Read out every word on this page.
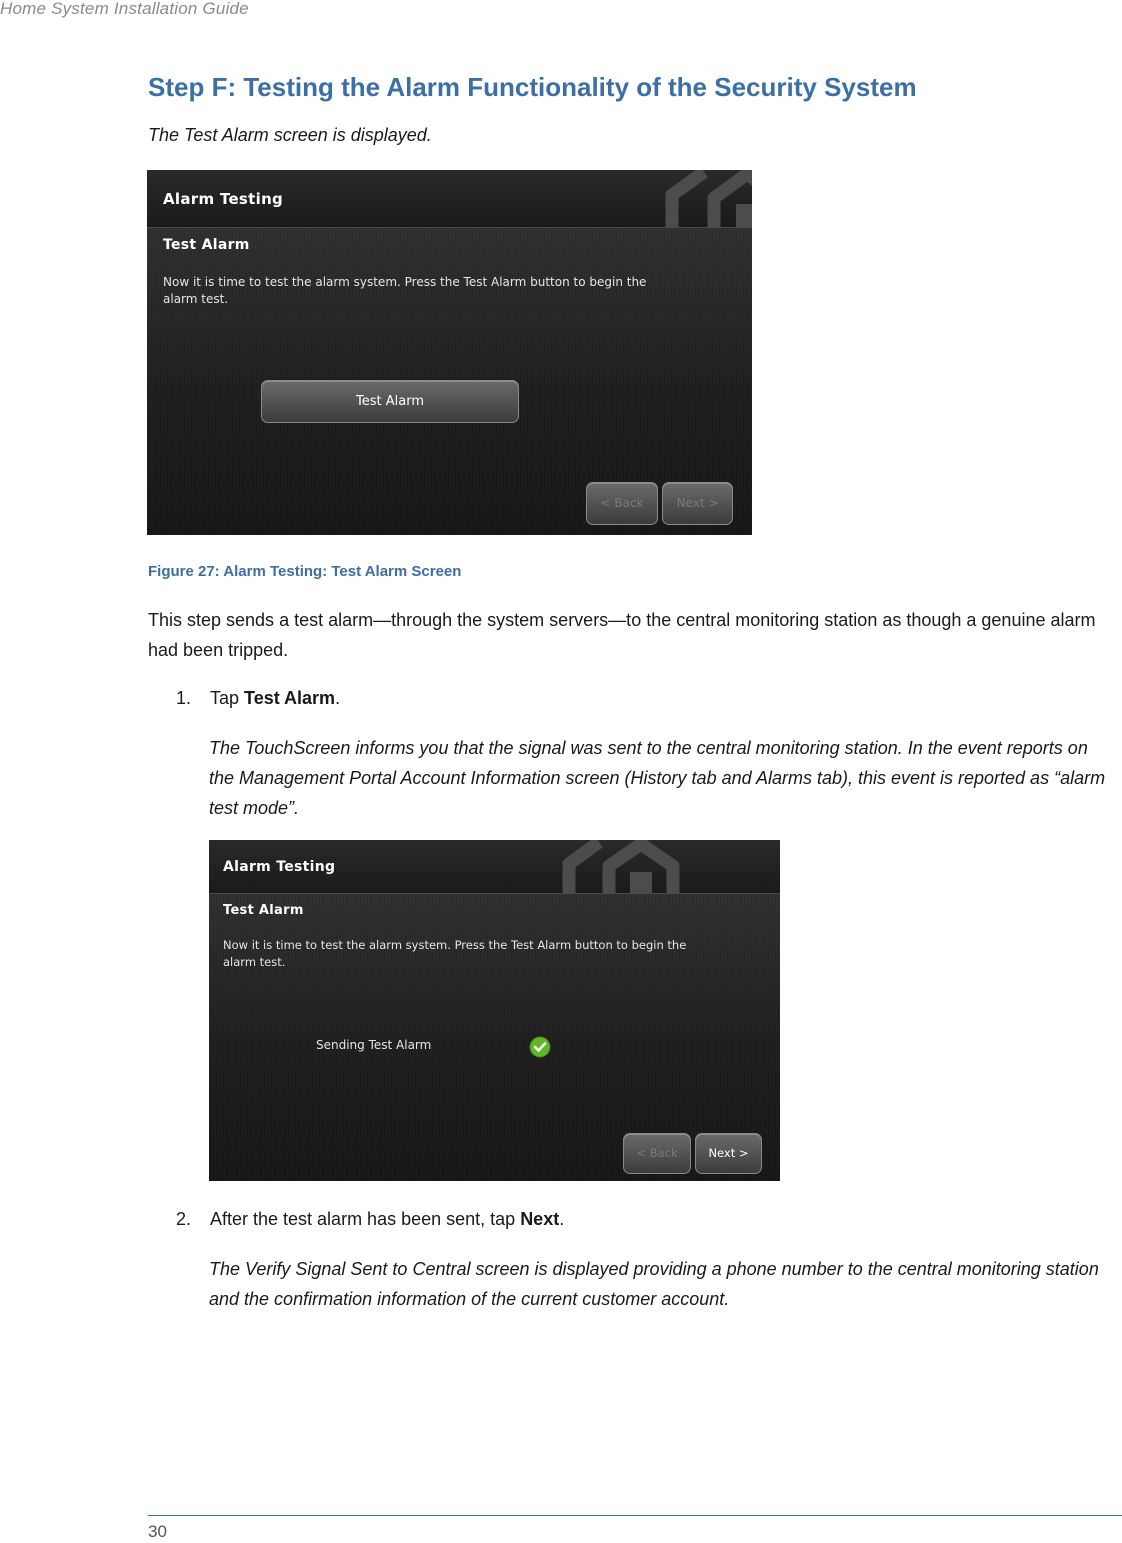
Home System Installation Guide
Step F: Testing the Alarm Functionality of the Security System

The Test Alarm screen is displayed.

Alarm Testing
Test Alarm
Now it is time to test the alarm system. Press the Test Alarm button to begin the
alarm test.
Test Alarm
< Back	Next >

Figure 27: Alarm Testing: Test Alarm Screen

This step sends a test alarm—through the system servers—to the central monitoring station as though a genuine alarm had been tripped.

1. Tap Test Alarm.

The TouchScreen informs you that the signal was sent to the central monitoring station. In the event reports on the Management Portal Account Information screen (History tab and Alarms tab), this event is reported as “alarm test mode”.

Alarm Testing
Test Alarm
Now it is time to test the alarm system. Press the Test Alarm button to begin the
alarm test.
Sending Test Alarm
< Back	Next >

2. After the test alarm has been sent, tap Next.

The Verify Signal Sent to Central screen is displayed providing a phone number to the central monitoring station and the confirmation information of the current customer account.

30
